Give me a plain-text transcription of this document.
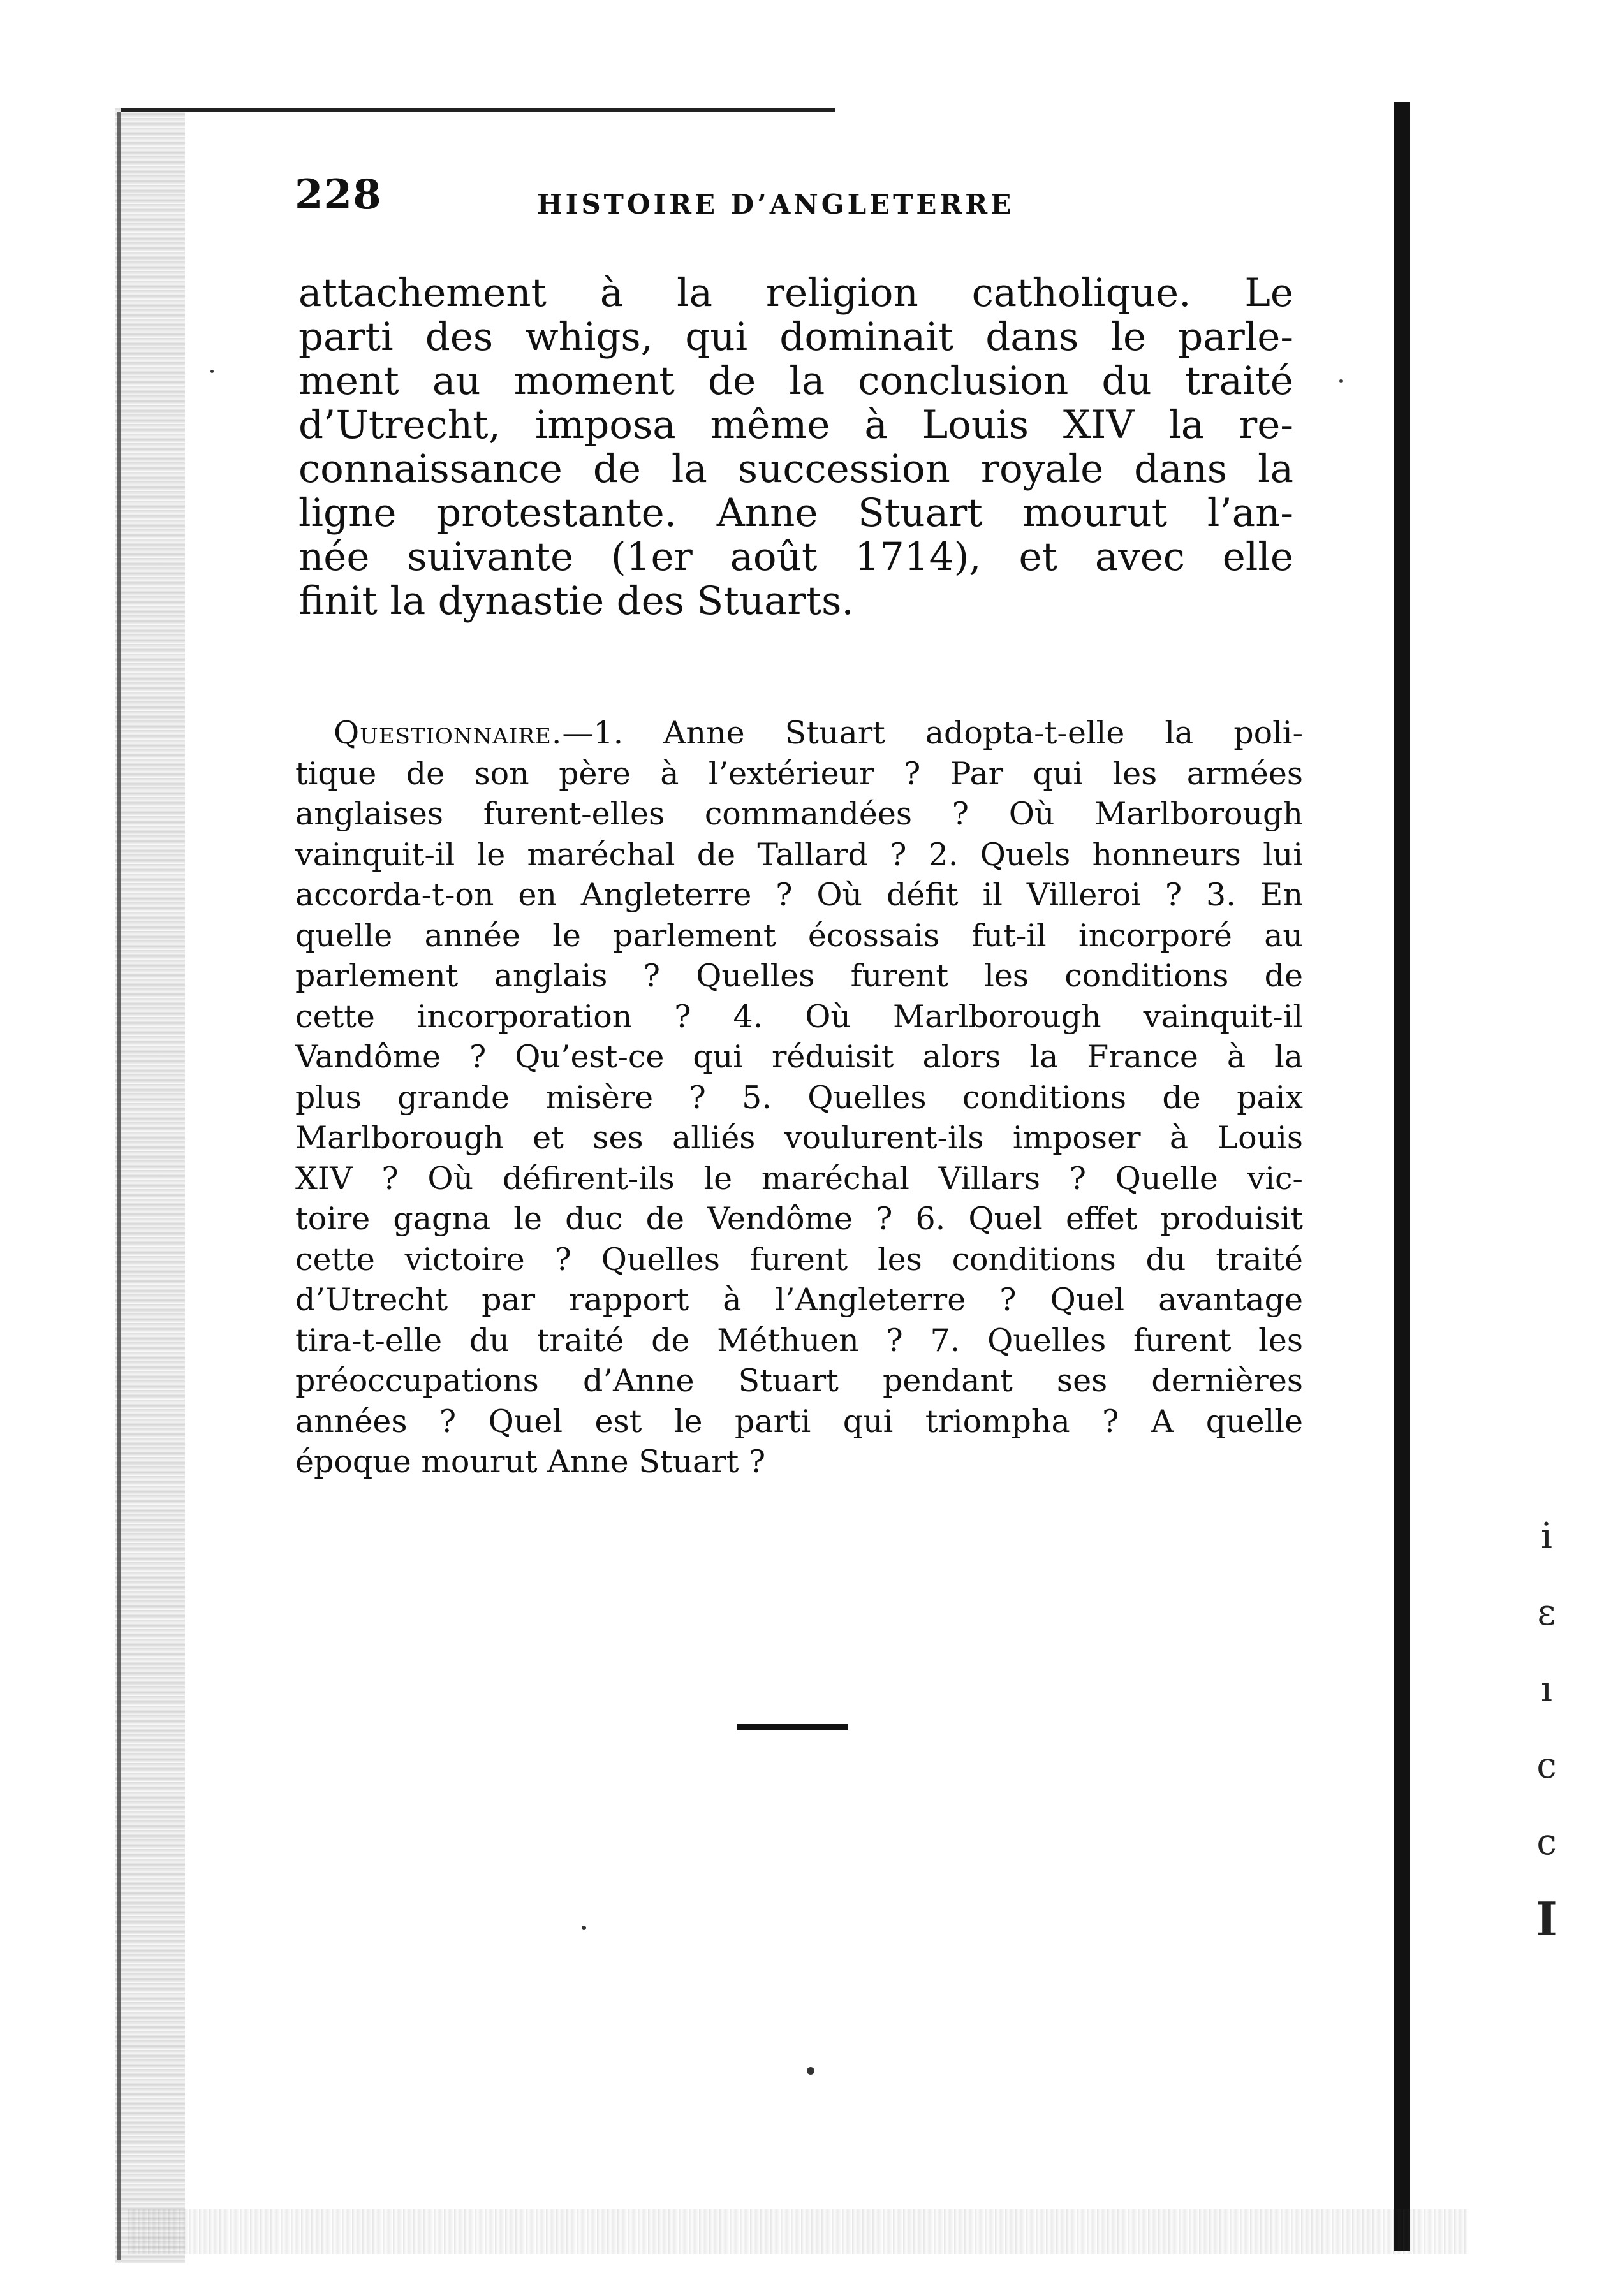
228	HISTOIRE D’ANGLETERRE
attachement à la religion catholique. Le
parti des whigs, qui dominait dans le parle-
ment au moment de la conclusion du traité
d’Utrecht, imposa même à Louis XIV la re-
connaissance de la succession royale dans la
ligne protestante. Anne Stuart mourut l’an-
née suivante (1er août 1714), et avec elle
finit la dynastie des Stuarts.
Questionnaire.—1. Anne Stuart adopta-t-elle la poli-
tique de son père à l’extérieur ? Par qui les armées
anglaises furent-elles commandées ? Où Marlborough
vainquit-il le maréchal de Tallard ? 2. Quels honneurs lui
accorda-t-on en Angleterre ? Où défit il Villeroi ? 3. En
quelle année le parlement écossais fut-il incorporé au
parlement anglais ? Quelles furent les conditions de
cette incorporation ? 4. Où Marlborough vainquit-il
Vandôme ? Qu’est-ce qui réduisit alors la France à la
plus grande misère ? 5. Quelles conditions de paix
Marlborough et ses alliés voulurent-ils imposer à Louis
XIV ? Où défirent-ils le maréchal Villars ? Quelle vic-
toire gagna le duc de Vendôme ? 6. Quel effet produisit
cette victoire ? Quelles furent les conditions du traité
d’Utrecht par rapport à l’Angleterre ? Quel avantage
tira-t-elle du traité de Méthuen ? 7. Quelles furent les
préoccupations d’Anne Stuart pendant ses dernières
années ? Quel est le parti qui triompha ? A quelle
époque mourut Anne Stuart ?
i
ε
ı
c
c
I
